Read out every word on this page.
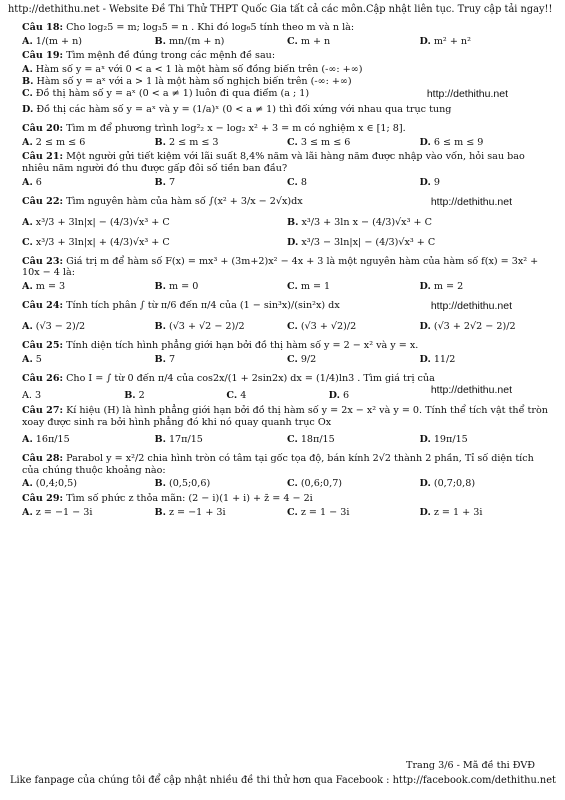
http://dethithu.net - Website Đề Thi Thử THPT Quốc Gia tất cả các môn.Cập nhật liên tục. Truy cập tải ngay!!
Câu 18: Cho log₂5 = m; log₃5 = n . Khi đó log₆5 tính theo m và n là:
A. 1/(m + n)	B. mn/(m + n)	C. m + n	D. m² + n²
Câu 19: Tìm mệnh đề đúng trong các mệnh đề sau:
A. Hàm số y = aˣ với 0 < a < 1 là một hàm số đồng biến trên (-∞: +∞)
B. Hàm số y = aˣ với a > 1 là một hàm số nghịch biến trên (-∞: +∞)
C. Đồ thị hàm số y = aˣ (0 < a ≠ 1) luôn đi qua điểm (a ; 1)	http://dethithu.net
D. Đồ thị các hàm số y = aˣ và y = (1/a)ˣ (0 < a ≠ 1) thì đối xứng với nhau qua trục tung
Câu 20: Tìm m để phương trình log²₂ x − log₂ x² + 3 = m có nghiệm x ∈ [1; 8].
A. 2 ≤ m ≤ 6	B. 2 ≤ m ≤ 3	C. 3 ≤ m ≤ 6	D. 6 ≤ m ≤ 9
Câu 21: Một người gửi tiết kiệm với lãi suất 8,4% năm và lãi hàng năm được nhập vào vốn, hỏi sau bao nhiêu năm người đó thu được gấp đôi số tiền ban đầu?
A. 6	B. 7	C. 8	D. 9
Câu 22: Tìm nguyên hàm của hàm số ∫(x² + 3/x − 2√x)dx	http://dethithu.net
A. x³/3 + 3ln|x| − (4/3)√x³ + C	B. x³/3 + 3ln x − (4/3)√x³ + C
C. x³/3 + 3ln|x| + (4/3)√x³ + C	D. x³/3 − 3ln|x| − (4/3)√x³ + C
Câu 23: Giá trị m để hàm số F(x) = mx³ + (3m+2)x² − 4x + 3 là một nguyên hàm của hàm số f(x) = 3x² + 10x − 4 là:
A. m = 3	B. m = 0	C. m = 1	D. m = 2
Câu 24: Tính tích phân ∫ từ π/6 đến π/4 của (1 − sin³x)/(sin²x) dx	http://dethithu.net
A. (√3 − 2)/2	B. (√3 + √2 − 2)/2	C. (√3 + √2)/2	D. (√3 + 2√2 − 2)/2
Câu 25: Tính diện tích hình phẳng giới hạn bởi đồ thị hàm số y = 2 − x² và y = x.
A. 5	B. 7	C. 9/2	D. 11/2
Câu 26: Cho I = ∫ từ 0 đến π/4 của cos2x/(1 + 2sin2x) dx = (1/4)ln3 . Tìm giá trị của
http://dethithu.net
A. 3	B. 2	C. 4	D. 6
Câu 27: Kí hiệu (H) là hình phẳng giới hạn bởi đồ thị hàm số y = 2x − x² và y = 0. Tính thể tích vật thể tròn xoay được sinh ra bởi hình phẳng đó khi nó quay quanh trục Ox
A. 16π/15	B. 17π/15	C. 18π/15	D. 19π/15
Câu 28: Parabol y = x²/2 chia hình tròn có tâm tại gốc tọa độ, bán kính 2√2 thành 2 phần, Tỉ số diện tích của chúng thuộc khoảng nào:
A. (0,4;0,5)	B. (0,5;0,6)	C. (0,6;0,7)	D. (0,7;0,8)
Câu 29: Tìm số phức z thỏa mãn: (2 − i)(1 + i) + z̄ = 4 − 2i
A. z = −1 − 3i	B. z = −1 + 3i	C. z = 1 − 3i	D. z = 1 + 3i
Trang 3/6 - Mã đề thi ĐVĐ
Like fanpage của chúng tôi để cập nhật nhiều đề thi thử hơn qua Facebook : http://facebook.com/dethithu.net
